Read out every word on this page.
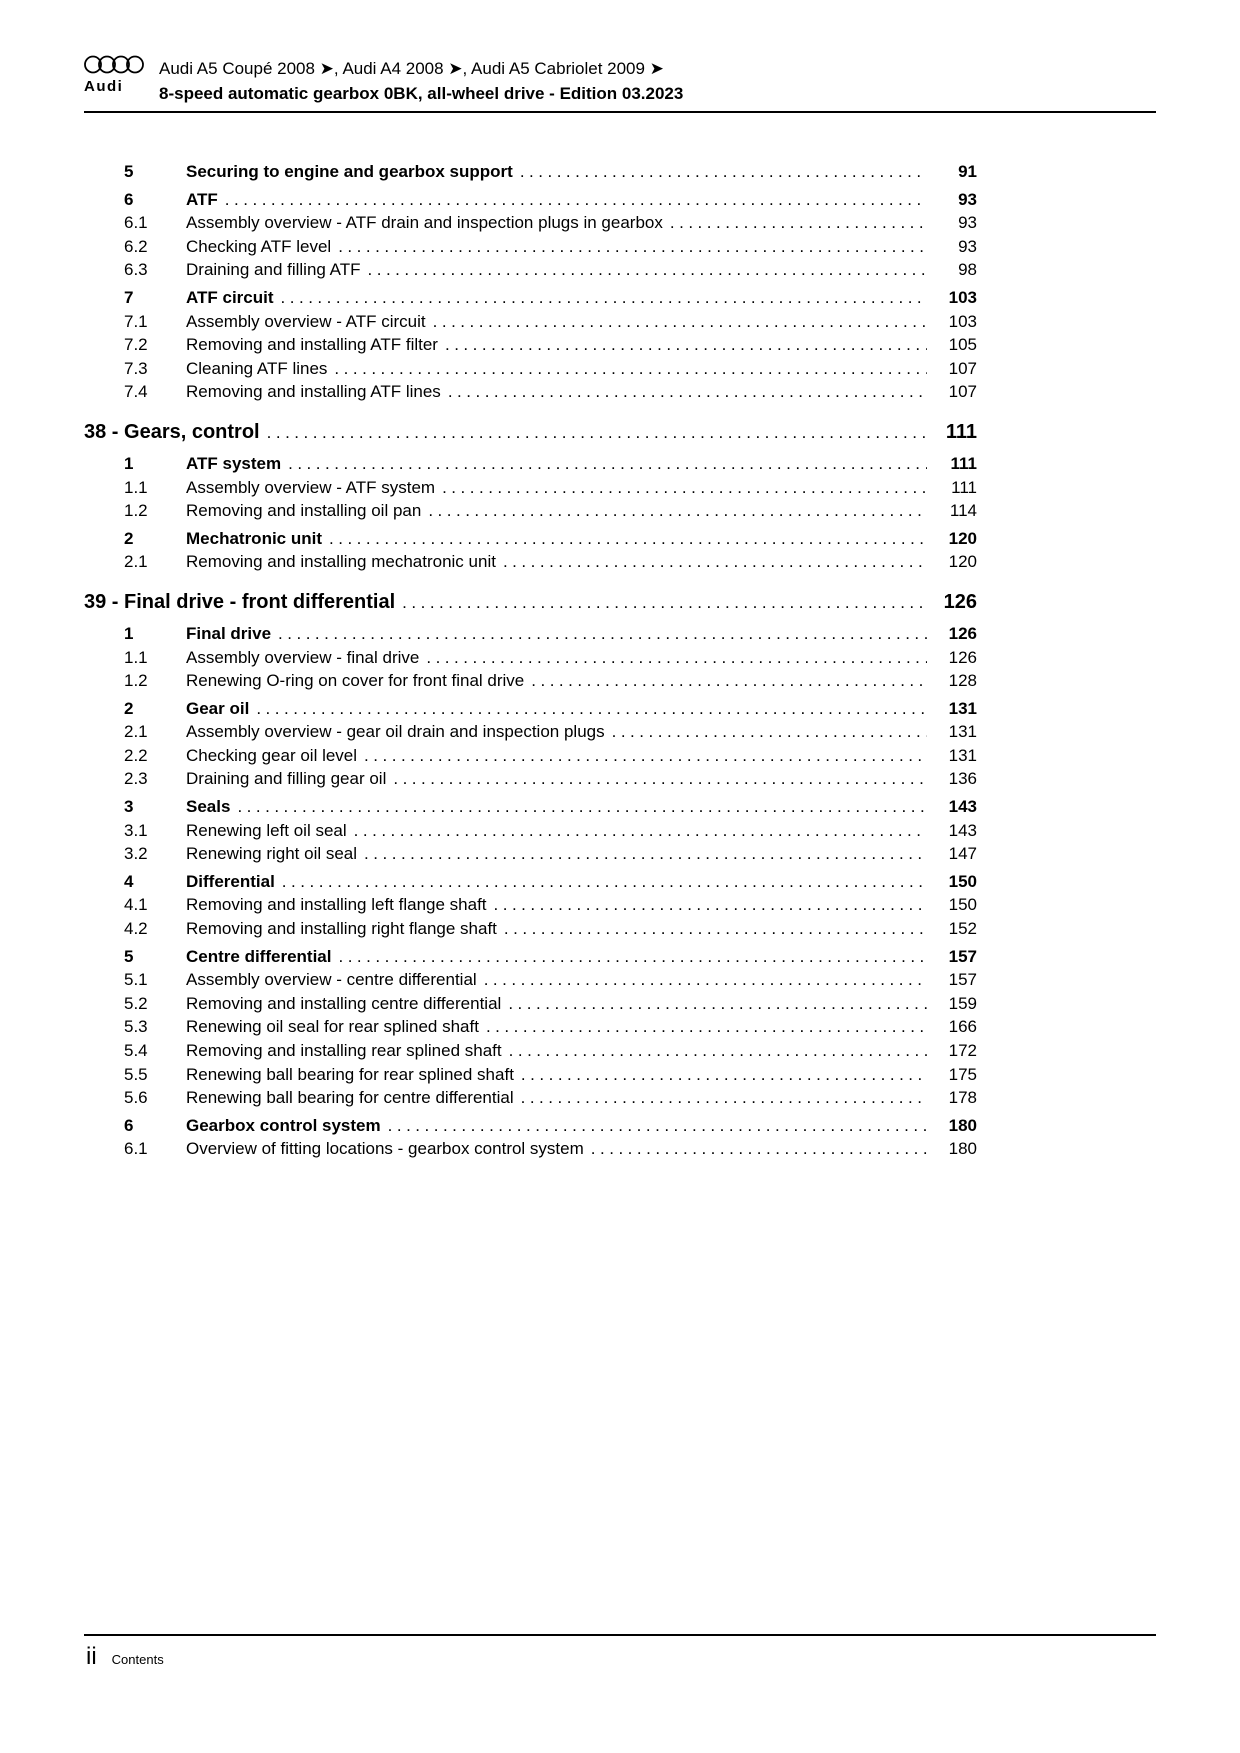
Audi
Audi A5 Coupé 2008 ➤, Audi A4 2008 ➤, Audi A5 Cabriolet 2009 ➤
8-speed automatic gearbox 0BK, all-wheel drive - Edition 03.2023
5	Securing to engine and gearbox support .....	91
6	ATF .....	93
6.1	Assembly overview - ATF drain and inspection plugs in gearbox .....	93
6.2	Checking ATF level .....	93
6.3	Draining and filling ATF .....	98
7	ATF circuit .....	103
7.1	Assembly overview - ATF circuit .....	103
7.2	Removing and installing ATF filter .....	105
7.3	Cleaning ATF lines .....	107
7.4	Removing and installing ATF lines .....	107
38 - Gears, control .....	111
1	ATF system .....	111
1.1	Assembly overview - ATF system .....	111
1.2	Removing and installing oil pan .....	114
2	Mechatronic unit .....	120
2.1	Removing and installing mechatronic unit .....	120
39 - Final drive - front differential .....	126
1	Final drive .....	126
1.1	Assembly overview - final drive .....	126
1.2	Renewing O-ring on cover for front final drive .....	128
2	Gear oil .....	131
2.1	Assembly overview - gear oil drain and inspection plugs .....	131
2.2	Checking gear oil level .....	131
2.3	Draining and filling gear oil .....	136
3	Seals .....	143
3.1	Renewing left oil seal .....	143
3.2	Renewing right oil seal .....	147
4	Differential .....	150
4.1	Removing and installing left flange shaft .....	150
4.2	Removing and installing right flange shaft .....	152
5	Centre differential .....	157
5.1	Assembly overview - centre differential .....	157
5.2	Removing and installing centre differential .....	159
5.3	Renewing oil seal for rear splined shaft .....	166
5.4	Removing and installing rear splined shaft .....	172
5.5	Renewing ball bearing for rear splined shaft .....	175
5.6	Renewing ball bearing for centre differential .....	178
6	Gearbox control system .....	180
6.1	Overview of fitting locations - gearbox control system .....	180
ii Contents
